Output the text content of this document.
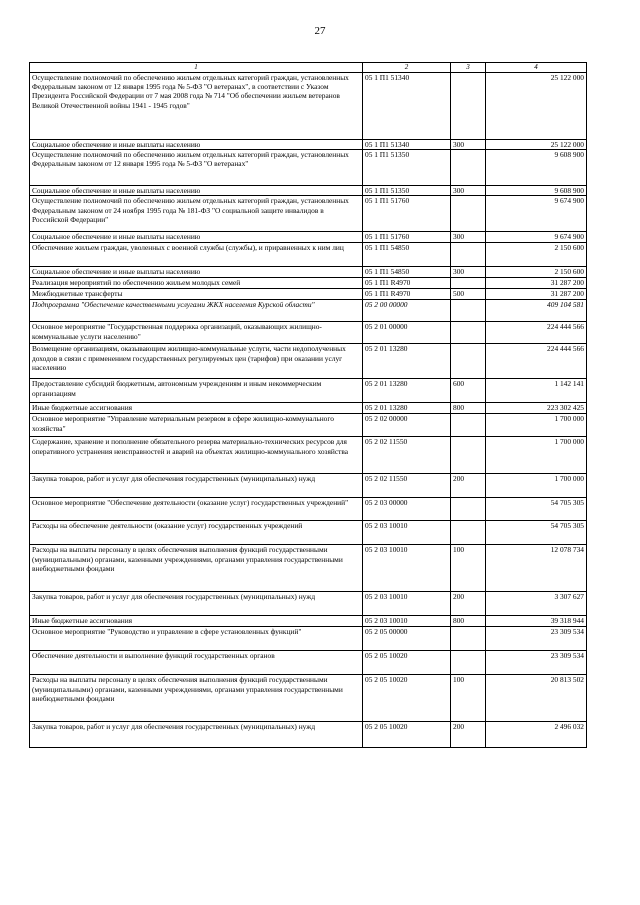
27
1	2	3	4
Осуществление полномочий по обеспечению жильем отдельных категорий граждан, установленных Федеральным законом от 12 января 1995 года № 5-ФЗ "О ветеранах", в соответствии с Указом Президента Российской Федерации от 7 мая 2008 года № 714 "Об обеспечении жильем ветеранов Великой Отечественной войны 1941 - 1945 годов"	05 1 П1 51340		25 122 000
Социальное обеспечение и иные выплаты населению	05 1 П1 51340	300	25 122 000
Осуществление полномочий по обеспечению жильем отдельных категорий граждан, установленных Федеральным законом от 12 января 1995 года № 5-ФЗ "О ветеранах"	05 1 П1 51350		9 608 900
Социальное обеспечение и иные выплаты населению	05 1 П1 51350	300	9 608 900
Осуществление полномочий по обеспечению жильем отдельных категорий граждан, установленных Федеральным законом от 24 ноября 1995 года № 181-ФЗ "О социальной защите инвалидов в Российской Федерации"	05 1 П1 51760		9 674 900
Социальное обеспечение и иные выплаты населению	05 1 П1 51760	300	9 674 900
Обеспечение жильем граждан, уволенных с военной службы (службы), и приравненных к ним лиц	05 1 П1 54850		2 150 600
Социальное обеспечение и иные выплаты населению	05 1 П1 54850	300	2 150 600
Реализация мероприятий по обеспечению жильем молодых семей	05 1 П1 R4970		31 287 200
Межбюджетные трансферты	05 1 П1 R4970	500	31 287 200
Подпрограмма "Обеспечение качественными услугами ЖКХ населения Курской области"	05 2 00 00000		409 104 581
Основное мероприятие "Государственная поддержка организаций, оказывающих жилищно-коммунальные услуги населению"	05 2 01 00000		224 444 566
Возмещение организациям, оказывающим жилищно-коммунальные услуги, части недополученных доходов в связи с применением государственных регулируемых цен (тарифов) при оказании услуг населению	05 2 01 13280		224 444 566
Предоставление субсидий бюджетным, автономным учреждениям и иным некоммерческим организациям	05 2 01 13280	600	1 142 141
Иные бюджетные ассигнования	05 2 01 13280	800	223 302 425
Основное мероприятие "Управление материальным резервом в сфере жилищно-коммунального хозяйства"	05 2 02 00000		1 700 000
Содержание, хранение и пополнение обязательного резерва материально-технических ресурсов для оперативного устранения неисправностей и аварий на объектах жилищно-коммунального хозяйства	05 2 02 11550		1 700 000
Закупка товаров, работ и услуг для обеспечения государственных (муниципальных) нужд	05 2 02 11550	200	1 700 000
Основное мероприятие "Обеспечение деятельности (оказание услуг) государственных учреждений"	05 2 03 00000		54 705 305
Расходы на обеспечение деятельности (оказание услуг) государственных учреждений	05 2 03 10010		54 705 305
Расходы на выплаты персоналу в целях обеспечения выполнения функций государственными (муниципальными) органами, казенными учреждениями, органами управления государственными внебюджетными фондами	05 2 03 10010	100	12 078 734
Закупка товаров, работ и услуг для обеспечения государственных (муниципальных) нужд	05 2 03 10010	200	3 307 627
Иные бюджетные ассигнования	05 2 03 10010	800	39 318 944
Основное мероприятие "Руководство и управление в сфере установленных функций"	05 2 05 00000		23 309 534
Обеспечение деятельности и выполнение функций государственных органов	05 2 05 10020		23 309 534
Расходы на выплаты персоналу в целях обеспечения выполнения функций государственными (муниципальными) органами, казенными учреждениями, органами управления государственными внебюджетными фондами	05 2 05 10020	100	20 813 502
Закупка товаров, работ и услуг для обеспечения государственных (муниципальных) нужд	05 2 05 10020	200	2 496 032
